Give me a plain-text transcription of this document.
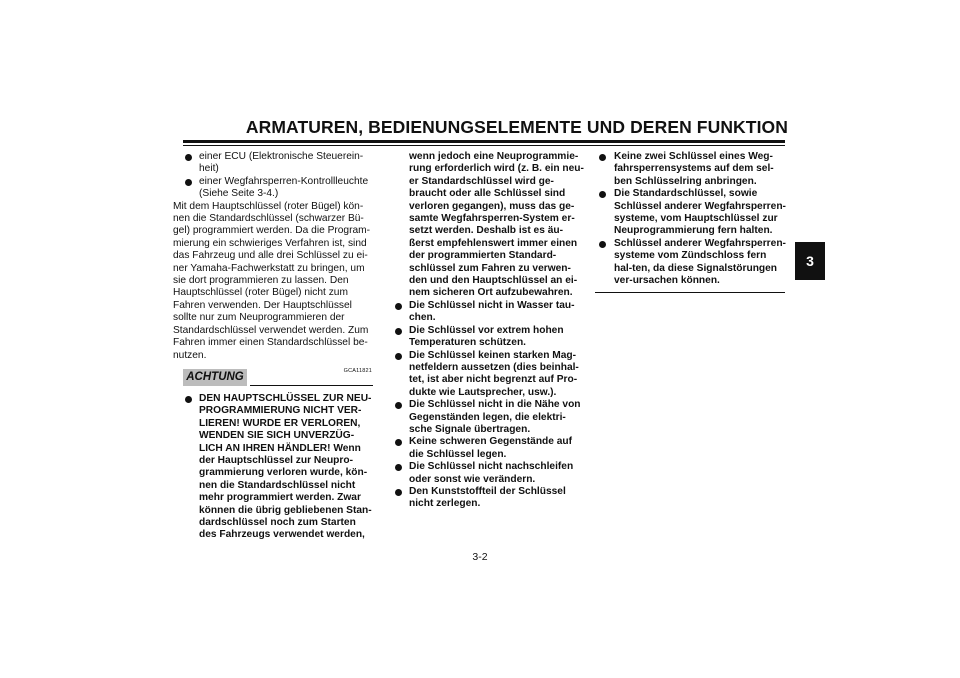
ARMATUREN, BEDIENUNGSELEMENTE UND DEREN FUNKTION
3
einer ECU (Elektronische Steuerein-heit)
einer Wegfahrsperren-Kontrollleuchte (Siehe Seite 3-4.)

Mit dem Hauptschlüssel (roter Bügel) kön-nen die Standardschlüssel (schwarzer Bü-gel) programmiert werden. Da die Program-mierung ein schwieriges Verfahren ist, sind das Fahrzeug und alle drei Schlüssel zu ei-ner Yamaha-Fachwerkstatt zu bringen, um sie dort programmieren zu lassen. Den Hauptschlüssel (roter Bügel) nicht zum Fahren verwenden. Der Hauptschlüssel sollte nur zum Neuprogrammieren der Standardschlüssel verwendet werden. Zum Fahren immer einen Standardschlüssel be-nutzen.

ACHTUNG
GCA11821
DEN HAUPTSCHLÜSSEL ZUR NEU-PROGRAMMIERUNG NICHT VER-LIEREN! WURDE ER VERLOREN, WENDEN SIE SICH UNVERZÜG-LICH AN IHREN HÄNDLER! Wenn der Hauptschlüssel zur Neupro-grammierung verloren wurde, kön-nen die Standardschlüssel nicht mehr programmiert werden. Zwar können die übrig gebliebenen Stan-dardschlüssel noch zum Starten des Fahrzeugs verwendet werden,
wenn jedoch eine Neuprogrammie-rung erforderlich wird (z. B. ein neu-er Standardschlüssel wird ge-braucht oder alle Schlüssel sind verloren gegangen), muss das ge-samte Wegfahrsperren-System er-setzt werden. Deshalb ist es äu-ßerst empfehlenswert immer einen der programmierten Standard-schlüssel zum Fahren zu verwen-den und den Hauptschlüssel an ei-nem sicheren Ort aufzubewahren.
Die Schlüssel nicht in Wasser tau-chen.
Die Schlüssel vor extrem hohen Temperaturen schützen.
Die Schlüssel keinen starken Mag-netfeldern aussetzen (dies beinhal-tet, ist aber nicht begrenzt auf Pro-dukte wie Lautsprecher, usw.).
Die Schlüssel nicht in die Nähe von Gegenständen legen, die elektri-sche Signale übertragen.
Keine schweren Gegenstände auf die Schlüssel legen.
Die Schlüssel nicht nachschleifen oder sonst wie verändern.
Den Kunststoffteil der Schlüssel nicht zerlegen.
Keine zwei Schlüssel eines Weg-fahrsperrensystems auf dem sel-ben Schlüsselring anbringen.
Die Standardschlüssel, sowie Schlüssel anderer Wegfahrsperren-systeme, vom Hauptschlüssel zur Neuprogrammierung fern halten.
Schlüssel anderer Wegfahrsperren-systeme vom Zündschloss fern hal-ten, da diese Signalstörungen ver-ursachen können.
3-2
